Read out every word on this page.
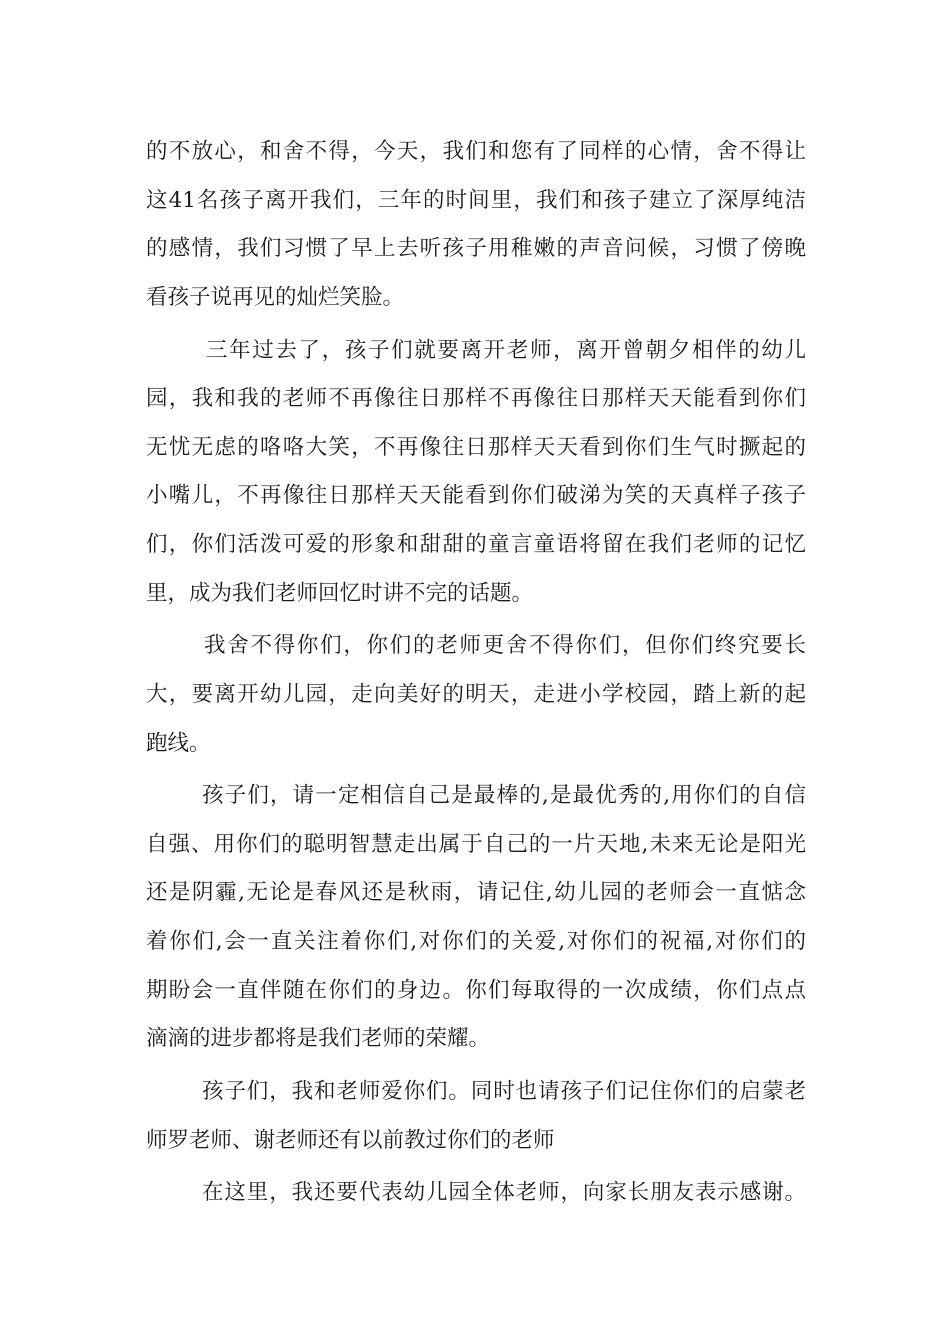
的不放心，和舍不得，今天，我们和您有了同样的心情，舍不得让
这41名孩子离开我们，三年的时间里，我们和孩子建立了深厚纯洁
的感情，我们习惯了早上去听孩子用稚嫩的声音问候，习惯了傍晚
看孩子说再见的灿烂笑脸。
三年过去了，孩子们就要离开老师，离开曾朝夕相伴的幼儿
园，我和我的老师不再像往日那样不再像往日那样天天能看到你们
无忧无虑的咯咯大笑，不再像往日那样天天看到你们生气时撅起的
小嘴儿，不再像往日那样天天能看到你们破涕为笑的天真样子孩子
们，你们活泼可爱的形象和甜甜的童言童语将留在我们老师的记忆
里，成为我们老师回忆时讲不完的话题。
我舍不得你们，你们的老师更舍不得你们，但你们终究要长
大，要离开幼儿园，走向美好的明天，走进小学校园，踏上新的起
跑线。
孩子们，请一定相信自己是最棒的,是最优秀的,用你们的自信
自强、用你们的聪明智慧走出属于自己的一片天地,未来无论是阳光
还是阴霾,无论是春风还是秋雨，请记住,幼儿园的老师会一直惦念
着你们,会一直关注着你们,对你们的关爱,对你们的祝福,对你们的
期盼会一直伴随在你们的身边。你们每取得的一次成绩，你们点点
滴滴的进步都将是我们老师的荣耀。
孩子们，我和老师爱你们。同时也请孩子们记住你们的启蒙老
师罗老师、谢老师还有以前教过你们的老师
在这里，我还要代表幼儿园全体老师，向家长朋友表示感谢。
